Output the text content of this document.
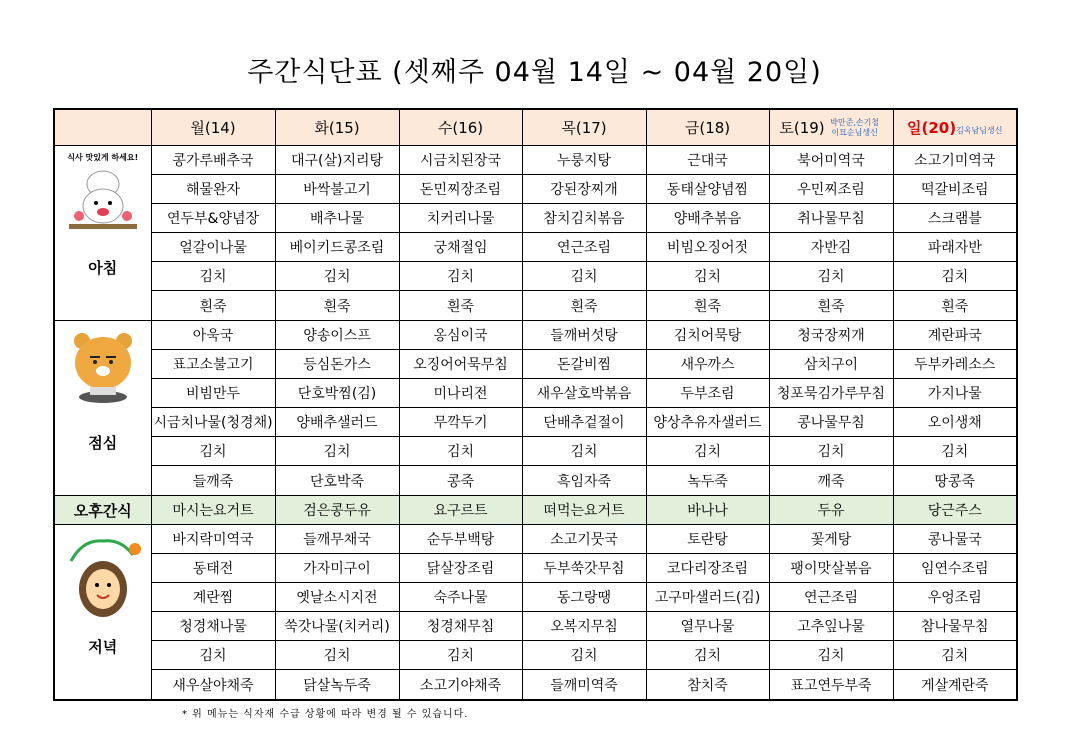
주간식단표 (셋째주 04월 14일 ~ 04월 20일)
	월(14)	화(15)	수(16)	목(17)	금(18)	토(19) 박만준,손기철 이묘순님생신	일(20)김옥남님생신

식사 맛있게 하세요!
아침	콩가루배추국	대구(살)지리탕	시금치된장국	누룽지탕	근대국	북어미역국	소고기미역국
	해물완자	바싹불고기	돈민찌장조림	강된장찌개	동태살양념찜	우민찌조림	떡갈비조림
	연두부&양념장	배추나물	치커리나물	참치김치볶음	양배추볶음	취나물무침	스크램블
	얼갈이나물	베이키드콩조림	궁채절임	연근조림	비빔오징어젓	자반김	파래자반
	김치	김치	김치	김치	김치	김치	김치
	흰죽	흰죽	흰죽	흰죽	흰죽	흰죽	흰죽

점심	아욱국	양송이스프	옹심이국	들깨버섯탕	김치어묵탕	청국장찌개	계란파국
	표고소불고기	등심돈가스	오징어어묵무침	돈갈비찜	새우까스	삼치구이	두부카레소스
	비빔만두	단호박찜(김)	미나리전	새우살호박볶음	두부조림	청포묵김가루무침	가지나물
	시금치나물(청경채)	양배추샐러드	무깍두기	단배추겉절이	양상추유자샐러드	콩나물무침	오이생채
	김치	김치	김치	김치	김치	김치	김치
	들깨죽	단호박죽	콩죽	흑임자죽	녹두죽	깨죽	땅콩죽
오후간식	마시는요거트	검은콩두유	요구르트	떠먹는요거트	바나나	두유	당근주스

저녁	바지락미역국	들깨무채국	순두부백탕	소고기뭇국	토란탕	꽃게탕	콩나물국
	동태전	가자미구이	닭살장조림	두부쑥갓무침	코다리장조림	팽이맛살볶음	임연수조림
	계란찜	옛날소시지전	숙주나물	동그랑땡	고구마샐러드(김)	연근조림	우엉조림
	청경채나물	쑥갓나물(치커리)	청경채무침	오복지무침	열무나물	고추잎나물	참나물무침
	김치	김치	김치	김치	김치	김치	김치
	새우살야채죽	닭살녹두죽	소고기야채죽	들깨미역죽	참치죽	표고연두부죽	게살계란죽
* 위 메뉴는 식자재 수급 상황에 따라 변경 될 수 있습니다.
